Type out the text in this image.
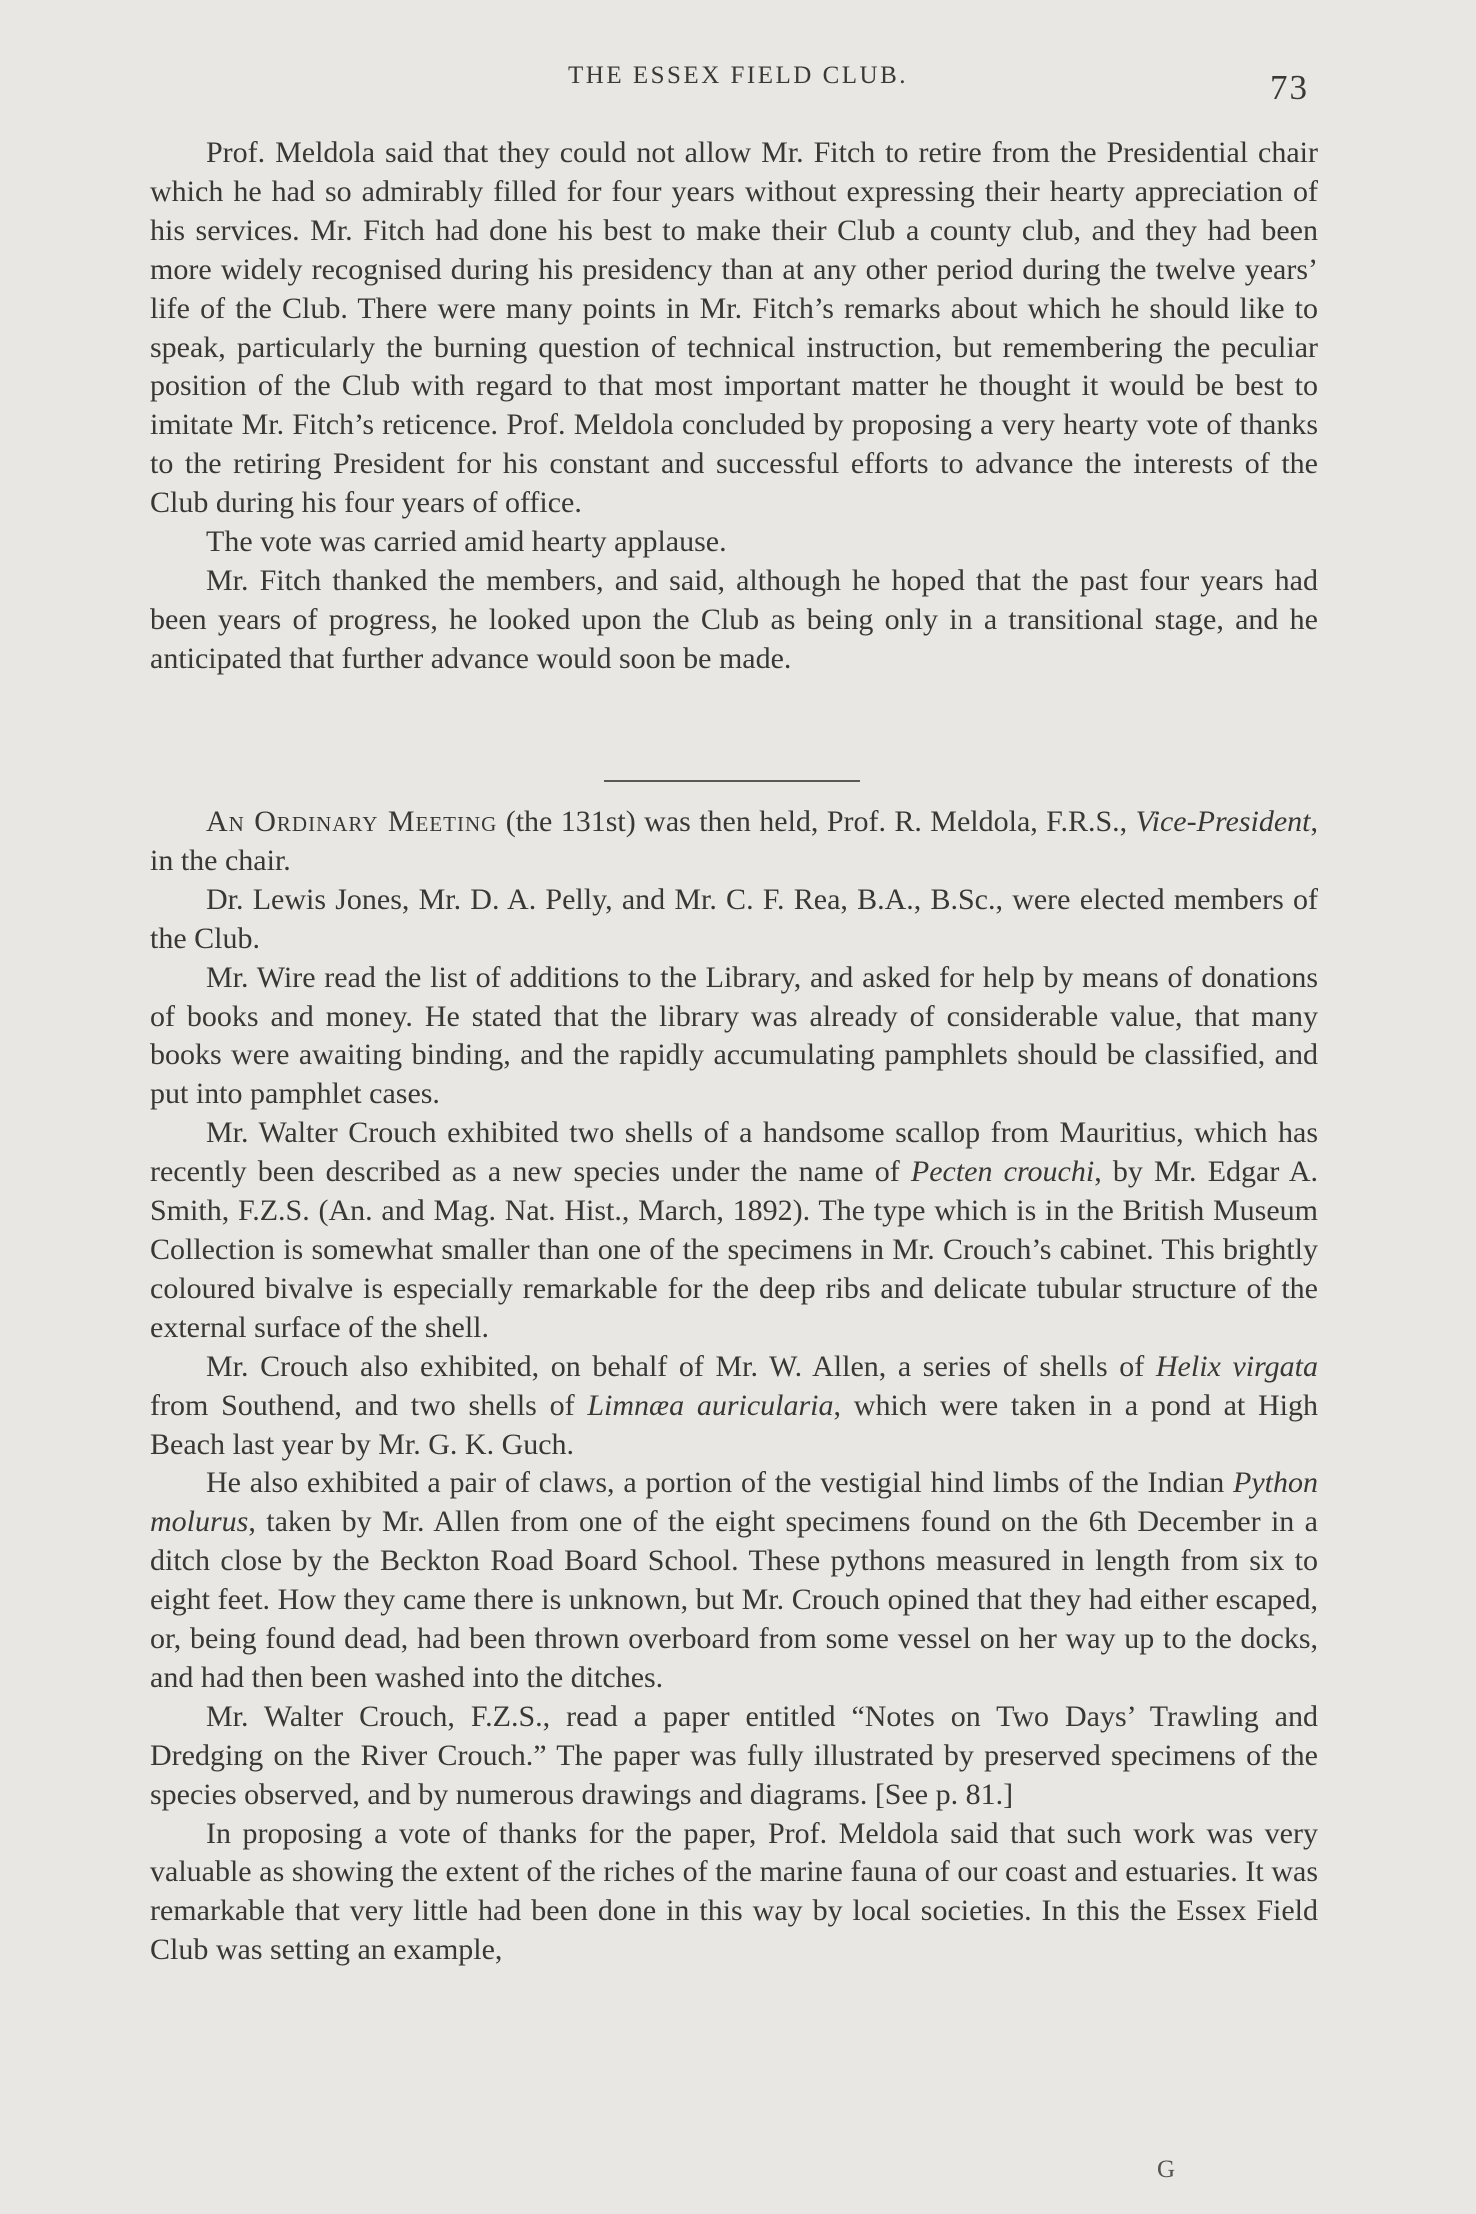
THE ESSEX FIELD CLUB.	73

Prof. Meldola said that they could not allow Mr. Fitch to retire from the Presidential chair which he had so admirably filled for four years without expressing their hearty appreciation of his services. Mr. Fitch had done his best to make their Club a county club, and they had been more widely recognised during his presidency than at any other period during the twelve years’ life of the Club. There were many points in Mr. Fitch’s remarks about which he should like to speak, particularly the burning question of technical instruction, but remembering the peculiar position of the Club with regard to that most important matter he thought it would be best to imitate Mr. Fitch’s reticence. Prof. Meldola concluded by proposing a very hearty vote of thanks to the retiring President for his constant and successful efforts to advance the interests of the Club during his four years of office.

The vote was carried amid hearty applause.

Mr. Fitch thanked the members, and said, although he hoped that the past four years had been years of progress, he looked upon the Club as being only in a transitional stage, and he anticipated that further advance would soon be made.

An Ordinary Meeting (the 131st) was then held, Prof. R. Meldola, F.R.S., Vice-President, in the chair.

Dr. Lewis Jones, Mr. D. A. Pelly, and Mr. C. F. Rea, B.A., B.Sc., were elected members of the Club.

Mr. Wire read the list of additions to the Library, and asked for help by means of donations of books and money. He stated that the library was already of considerable value, that many books were awaiting binding, and the rapidly accumulating pamphlets should be classified, and put into pamphlet cases.

Mr. Walter Crouch exhibited two shells of a handsome scallop from Mauritius, which has recently been described as a new species under the name of Pecten crouchi, by Mr. Edgar A. Smith, F.Z.S. (An. and Mag. Nat. Hist., March, 1892). The type which is in the British Museum Collection is somewhat smaller than one of the specimens in Mr. Crouch’s cabinet. This brightly coloured bivalve is especially remarkable for the deep ribs and delicate tubular structure of the external surface of the shell.

Mr. Crouch also exhibited, on behalf of Mr. W. Allen, a series of shells of Helix virgata from Southend, and two shells of Limnæa auricularia, which were taken in a pond at High Beach last year by Mr. G. K. Guch.

He also exhibited a pair of claws, a portion of the vestigial hind limbs of the Indian Python molurus, taken by Mr. Allen from one of the eight specimens found on the 6th December in a ditch close by the Beckton Road Board School. These pythons measured in length from six to eight feet. How they came there is unknown, but Mr. Crouch opined that they had either escaped, or, being found dead, had been thrown overboard from some vessel on her way up to the docks, and had then been washed into the ditches.

Mr. Walter Crouch, F.Z.S., read a paper entitled “Notes on Two Days’ Trawling and Dredging on the River Crouch.” The paper was fully illustrated by preserved specimens of the species observed, and by numerous drawings and diagrams. [See p. 81.]

In proposing a vote of thanks for the paper, Prof. Meldola said that such work was very valuable as showing the extent of the riches of the marine fauna of our coast and estuaries. It was remarkable that very little had been done in this way by local societies. In this the Essex Field Club was setting an example,

G
